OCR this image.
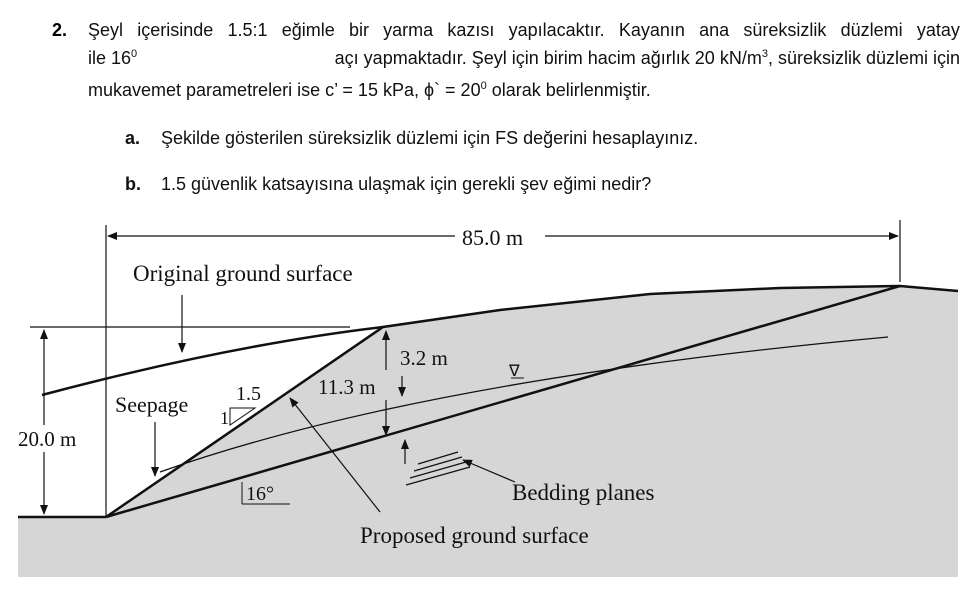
2. Şeyl içerisinde 1.5:1 eğimle bir yarma kazısı yapılacaktır. Kayanın ana süreksizlik düzlemi yatay
ile $16^0$	açı yapmaktadır. Şeyl için birim hacim ağırlık 20 $kN/m^3$, süreksizlik düzlemi için
mukavemet parametreleri ise c’ = 15 kPa, ϕ` = $20^0$ olarak belirlenmiştir.
a. Şekilde gösterilen süreksizlik düzlemi için FS değerini hesaplayınız.
b. 1.5 güvenlik katsayısına ulaşmak için gerekli şev eğimi nedir?
85.0 m
Original ground surface
20.0 m
3.2 m
11.3 m
∇
Seepage 1.5
1
16°
Proposed ground surface
Bedding planes
